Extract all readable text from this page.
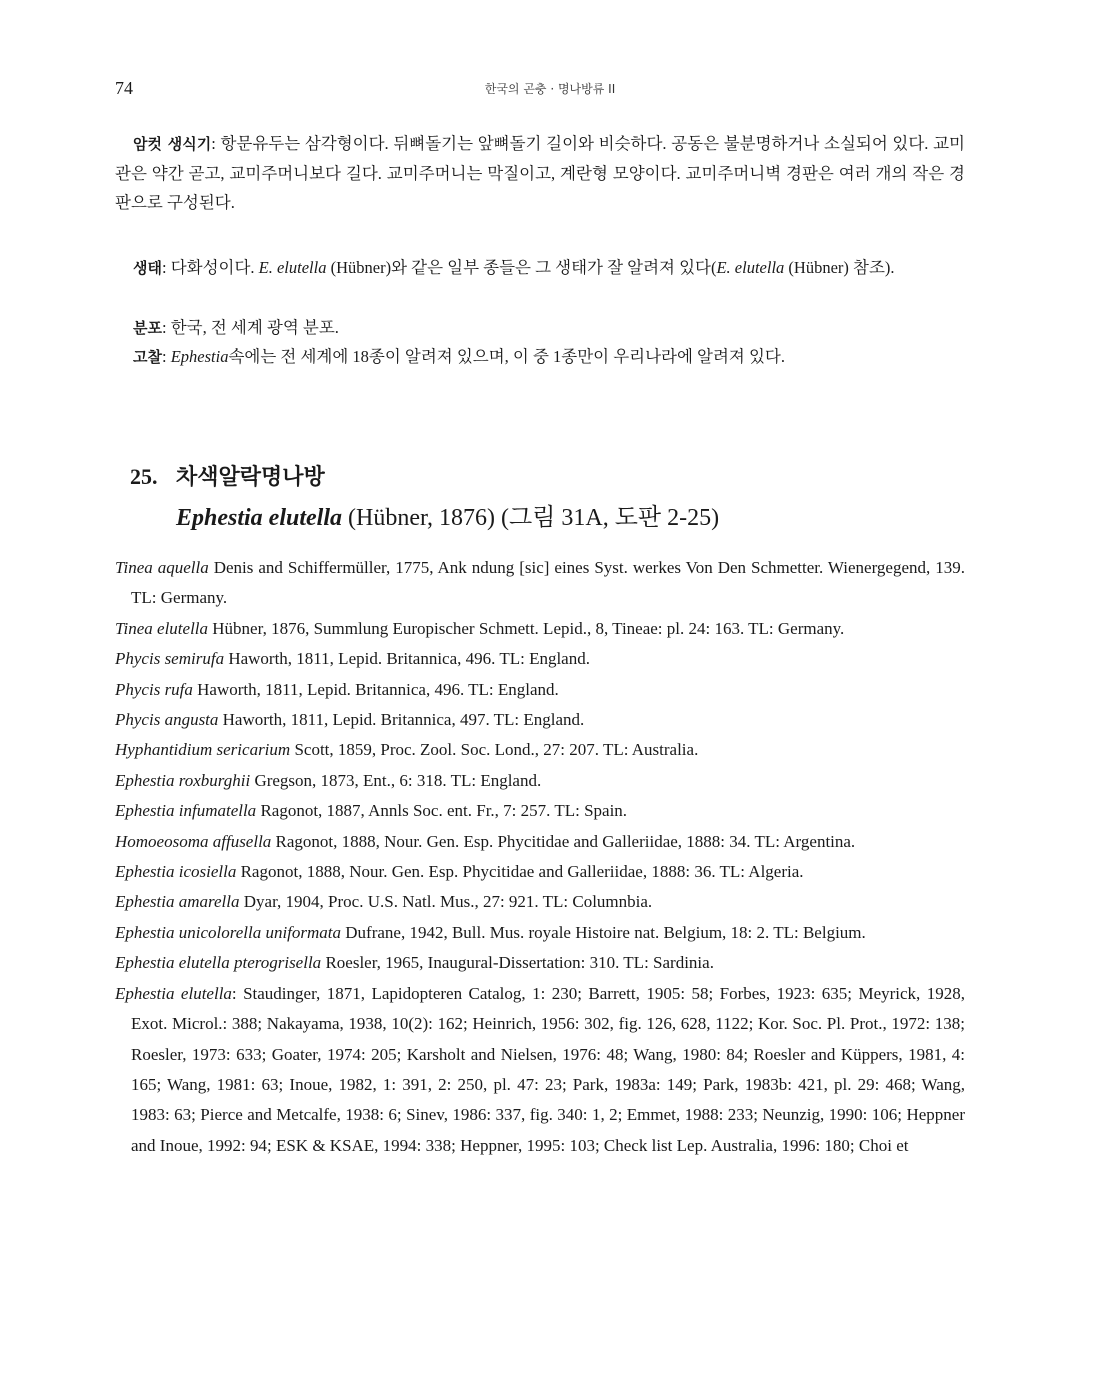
74	한국의 곤충 · 명나방류 II
암컷 생식기: 항문유두는 삼각형이다. 뒤뼈돌기는 앞뼈돌기 길이와 비슷하다. 공동은 불분명하거나 소실되어 있다. 교미관은 약간 곧고, 교미주머니보다 길다. 교미주머니는 막질이고, 계란형 모양이다. 교미주머니벽 경판은 여러 개의 작은 경판으로 구성된다.
생태: 다화성이다. E. elutella (Hübner)와 같은 일부 종들은 그 생태가 잘 알려져 있다(E. elutella (Hübner) 참조).
분포: 한국, 전 세계 광역 분포.
고찰: Ephestia속에는 전 세계에 18종이 알려져 있으며, 이 중 1종만이 우리나라에 알려져 있다.
25. 차색알락명나방
Ephestia elutella (Hübner, 1876) (그림 31A, 도판 2-25)
Tinea aquella Denis and Schiffermüller, 1775, Ank ndung [sic] eines Syst. werkes Von Den Schmetter. Wienergegend, 139. TL: Germany.
Tinea elutella Hübner, 1876, Summlung Europischer Schmett. Lepid., 8, Tineae: pl. 24: 163. TL: Germany.
Phycis semirufa Haworth, 1811, Lepid. Britannica, 496. TL: England.
Phycis rufa Haworth, 1811, Lepid. Britannica, 496. TL: England.
Phycis angusta Haworth, 1811, Lepid. Britannica, 497. TL: England.
Hyphantidium sericarium Scott, 1859, Proc. Zool. Soc. Lond., 27: 207. TL: Australia.
Ephestia roxburghii Gregson, 1873, Ent., 6: 318. TL: England.
Ephestia infumatella Ragonot, 1887, Annls Soc. ent. Fr., 7: 257. TL: Spain.
Homoeosoma affusella Ragonot, 1888, Nour. Gen. Esp. Phycitidae and Galleriidae, 1888: 34. TL: Argentina.
Ephestia icosiella Ragonot, 1888, Nour. Gen. Esp. Phycitidae and Galleriidae, 1888: 36. TL: Algeria.
Ephestia amarella Dyar, 1904, Proc. U.S. Natl. Mus., 27: 921. TL: Columnbia.
Ephestia unicolorella uniformata Dufrane, 1942, Bull. Mus. royale Histoire nat. Belgium, 18: 2. TL: Belgium.
Ephestia elutella pterogrisella Roesler, 1965, Inaugural-Dissertation: 310. TL: Sardinia.
Ephestia elutella: Staudinger, 1871, Lapidopteren Catalog, 1: 230; Barrett, 1905: 58; Forbes, 1923: 635; Meyrick, 1928, Exot. Microl.: 388; Nakayama, 1938, 10(2): 162; Heinrich, 1956: 302, fig. 126, 628, 1122; Kor. Soc. Pl. Prot., 1972: 138; Roesler, 1973: 633; Goater, 1974: 205; Karsholt and Nielsen, 1976: 48; Wang, 1980: 84; Roesler and Küppers, 1981, 4: 165; Wang, 1981: 63; Inoue, 1982, 1: 391, 2: 250, pl. 47: 23; Park, 1983a: 149; Park, 1983b: 421, pl. 29: 468; Wang, 1983: 63; Pierce and Metcalfe, 1938: 6; Sinev, 1986: 337, fig. 340: 1, 2; Emmet, 1988: 233; Neunzig, 1990: 106; Heppner and Inoue, 1992: 94; ESK & KSAE, 1994: 338; Heppner, 1995: 103; Check list Lep. Australia, 1996: 180; Choi et
